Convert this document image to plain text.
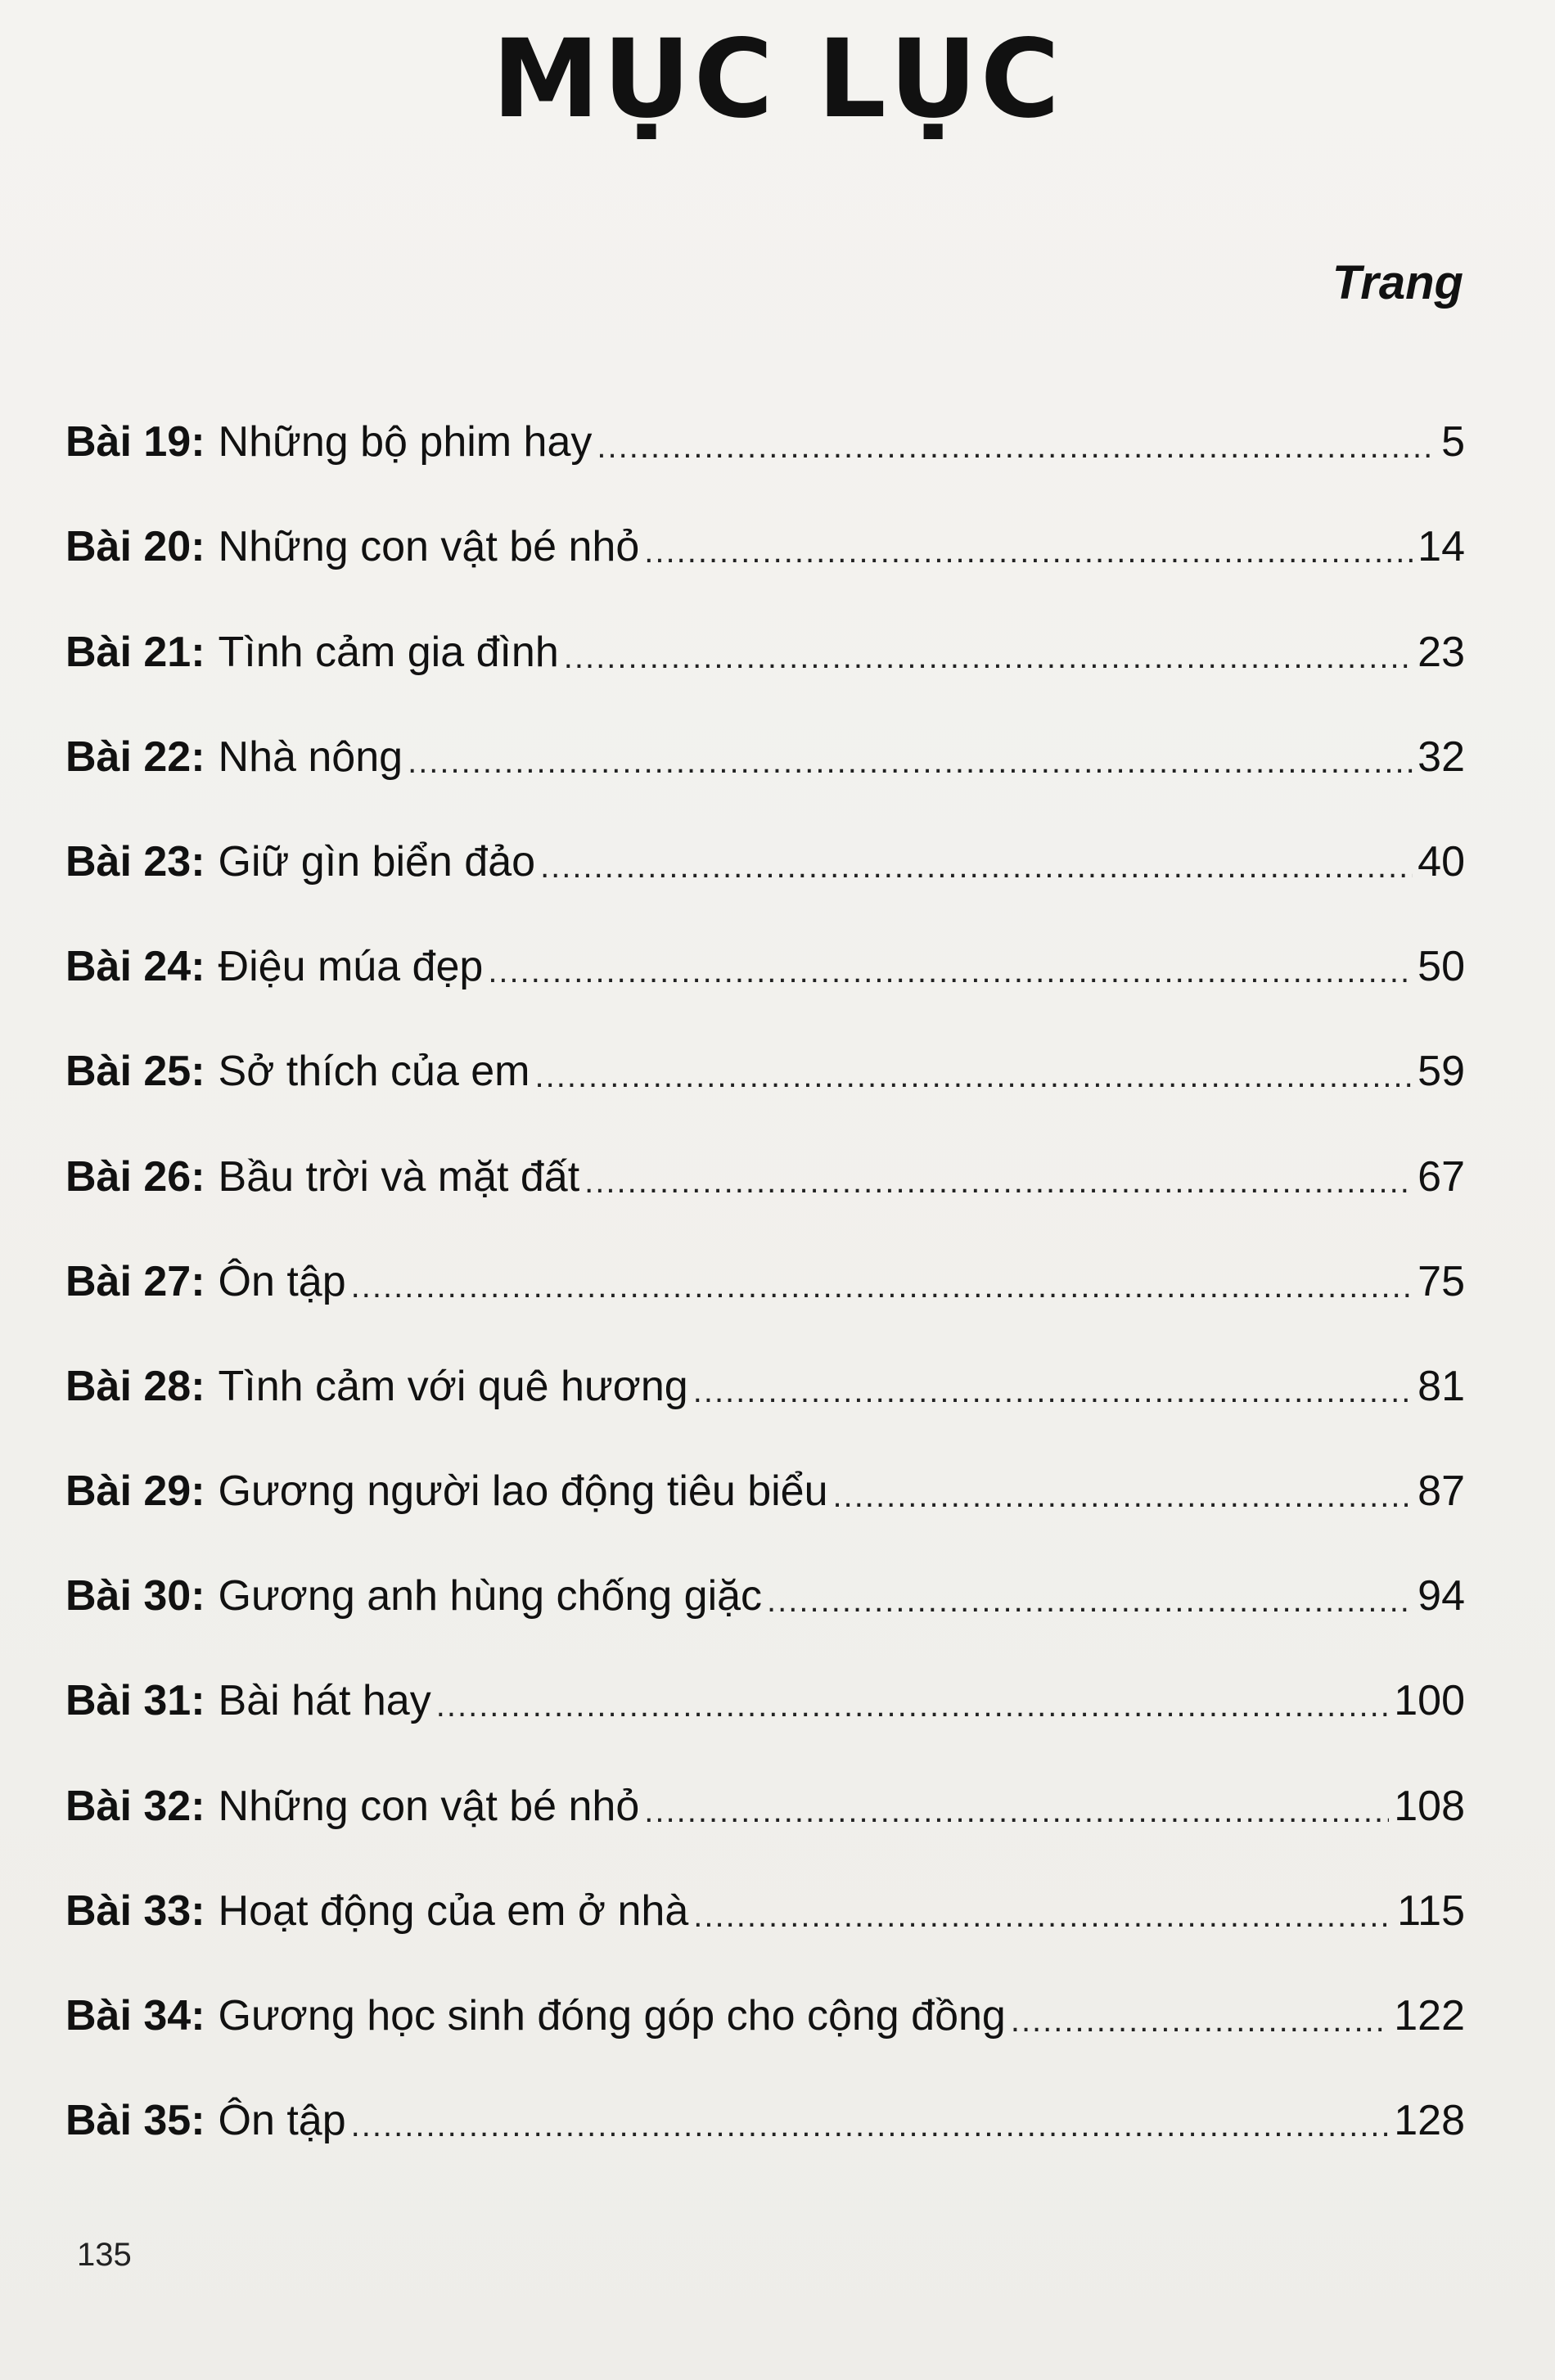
MỤC LỤC
Trang
Bài 19 : Những bộ phim hay .....	5
Bài 20 : Những con vật bé nhỏ .....	14
Bài 21 : Tình cảm gia đình .....	23
Bài 22 : Nhà nông .....	32
Bài 23 : Giữ gìn biển đảo .....	40
Bài 24 : Điệu múa đẹp .....	50
Bài 25 : Sở thích của em .....	59
Bài 26 : Bầu trời và mặt đất .....	67
Bài 27 : Ôn tập .....	75
Bài 28 : Tình cảm với quê hương .....	81
Bài 29 : Gương người lao động tiêu biểu .....	87
Bài 30 : Gương anh hùng chống giặc .....	94
Bài 31 : Bài hát hay .....	100
Bài 32 : Những con vật bé nhỏ .....	108
Bài 33 : Hoạt động của em ở nhà .....	115
Bài 34 : Gương học sinh đóng góp cho cộng đồng .....	122
Bài 35 : Ôn tập .....	128
135
